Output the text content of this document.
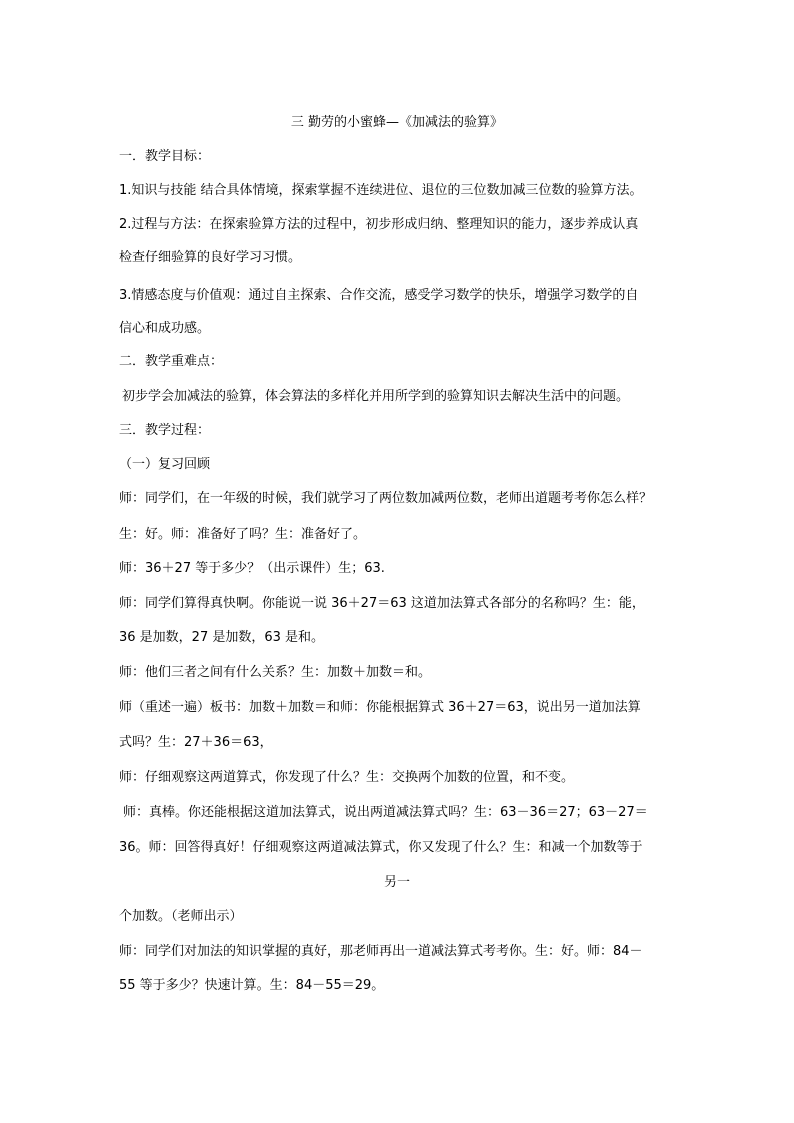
三 勤劳的小蜜蜂—《加减法的验算》
一．教学目标：
1.知识与技能 结合具体情境，探索掌握不连续进位、退位的三位数加减三位数的验算方法。
2.过程与方法：在探索验算方法的过程中，初步形成归纳、整理知识的能力，逐步养成认真
检查仔细验算的良好学习习惯。
3.情感态度与价值观：通过自主探索、合作交流，感受学习数学的快乐，增强学习数学的自
信心和成功感。
二．教学重难点：
初步学会加减法的验算，体会算法的多样化并用所学到的验算知识去解决生活中的问题。
三．教学过程：
（一）复习回顾
师：同学们，在一年级的时候，我们就学习了两位数加减两位数，老师出道题考考你怎么样？
生：好。师：准备好了吗？生：准备好了。
师：36＋27 等于多少？（出示课件）生；63.
师：同学们算得真快啊。你能说一说 36＋27＝63 这道加法算式各部分的名称吗？生：能，
36 是加数，27 是加数，63 是和。
师：他们三者之间有什么关系？生：加数＋加数＝和。
师（重述一遍）板书：加数＋加数＝和师：你能根据算式 36＋27＝63，说出另一道加法算
式吗？生：27＋36＝63，
师：仔细观察这两道算式，你发现了什么？生：交换两个加数的位置，和不变。
师：真棒。你还能根据这道加法算式，说出两道减法算式吗？生：63－36＝27；63－27＝
36。师：回答得真好！仔细观察这两道减法算式，你又发现了什么？生：和减一个加数等于
另一
个加数。（老师出示）
师：同学们对加法的知识掌握的真好，那老师再出一道减法算式考考你。生：好。师：84－
55 等于多少？快速计算。生：84－55＝29。
